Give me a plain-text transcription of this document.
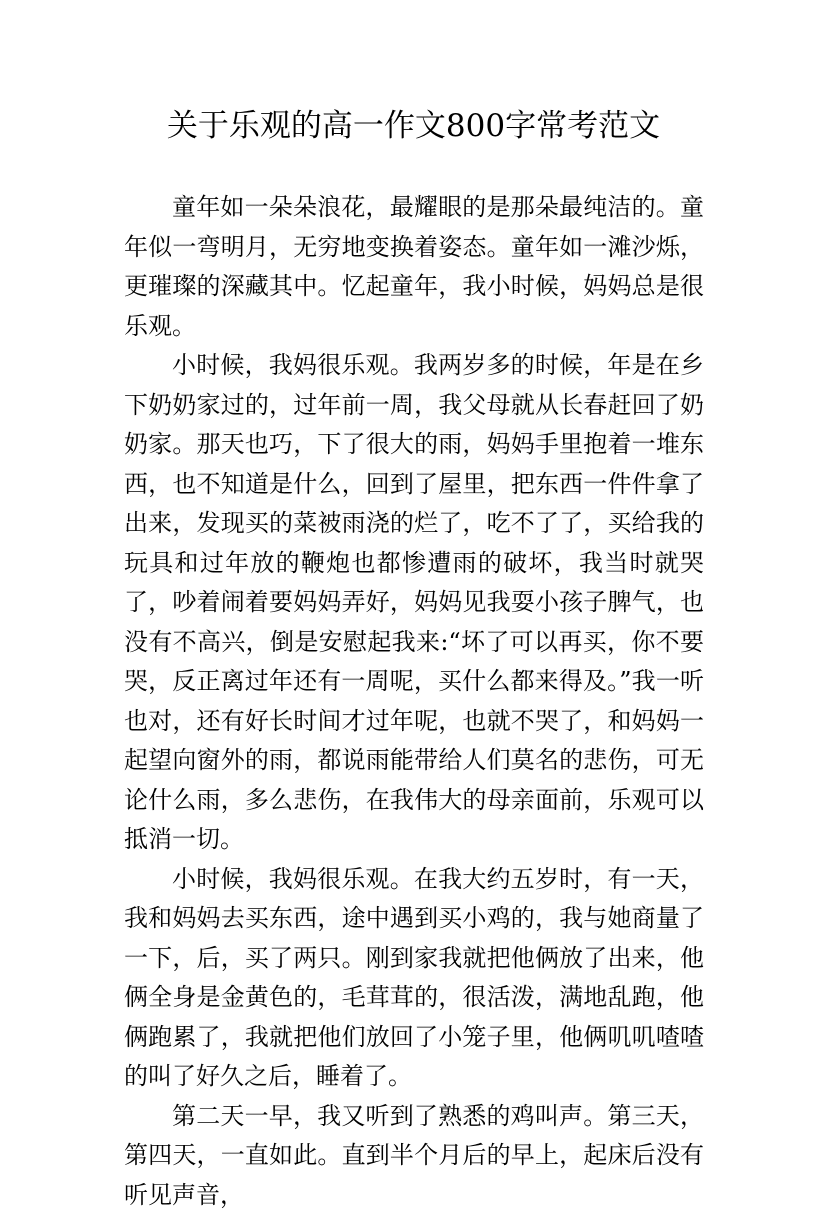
关于乐观的高一作文800字常考范文

童年如一朵朵浪花，最耀眼的是那朵最纯洁的。童年似一弯明月，无穷地变换着姿态。童年如一滩沙烁，更璀璨的深藏其中。忆起童年，我小时候，妈妈总是很乐观。

小时候，我妈很乐观。我两岁多的时候，年是在乡下奶奶家过的，过年前一周，我父母就从长春赶回了奶奶家。那天也巧，下了很大的雨，妈妈手里抱着一堆东西，也不知道是什么，回到了屋里，把东西一件件拿了出来，发现买的菜被雨浇的烂了，吃不了了，买给我的玩具和过年放的鞭炮也都惨遭雨的破坏，我当时就哭了，吵着闹着要妈妈弄好，妈妈见我耍小孩子脾气，也没有不高兴，倒是安慰起我来:“坏了可以再买，你不要哭，反正离过年还有一周呢，买什么都来得及。”我一听也对，还有好长时间才过年呢，也就不哭了，和妈妈一起望向窗外的雨，都说雨能带给人们莫名的悲伤，可无论什么雨，多么悲伤，在我伟大的母亲面前，乐观可以抵消一切。

小时候，我妈很乐观。在我大约五岁时，有一天，我和妈妈去买东西，途中遇到买小鸡的，我与她商量了一下，后，买了两只。刚到家我就把他俩放了出来，他俩全身是金黄色的，毛茸茸的，很活泼，满地乱跑，他俩跑累了，我就把他们放回了小笼子里，他俩叽叽喳喳的叫了好久之后，睡着了。

第二天一早，我又听到了熟悉的鸡叫声。第三天，第四天，一直如此。直到半个月后的早上，起床后没有听见声音，
